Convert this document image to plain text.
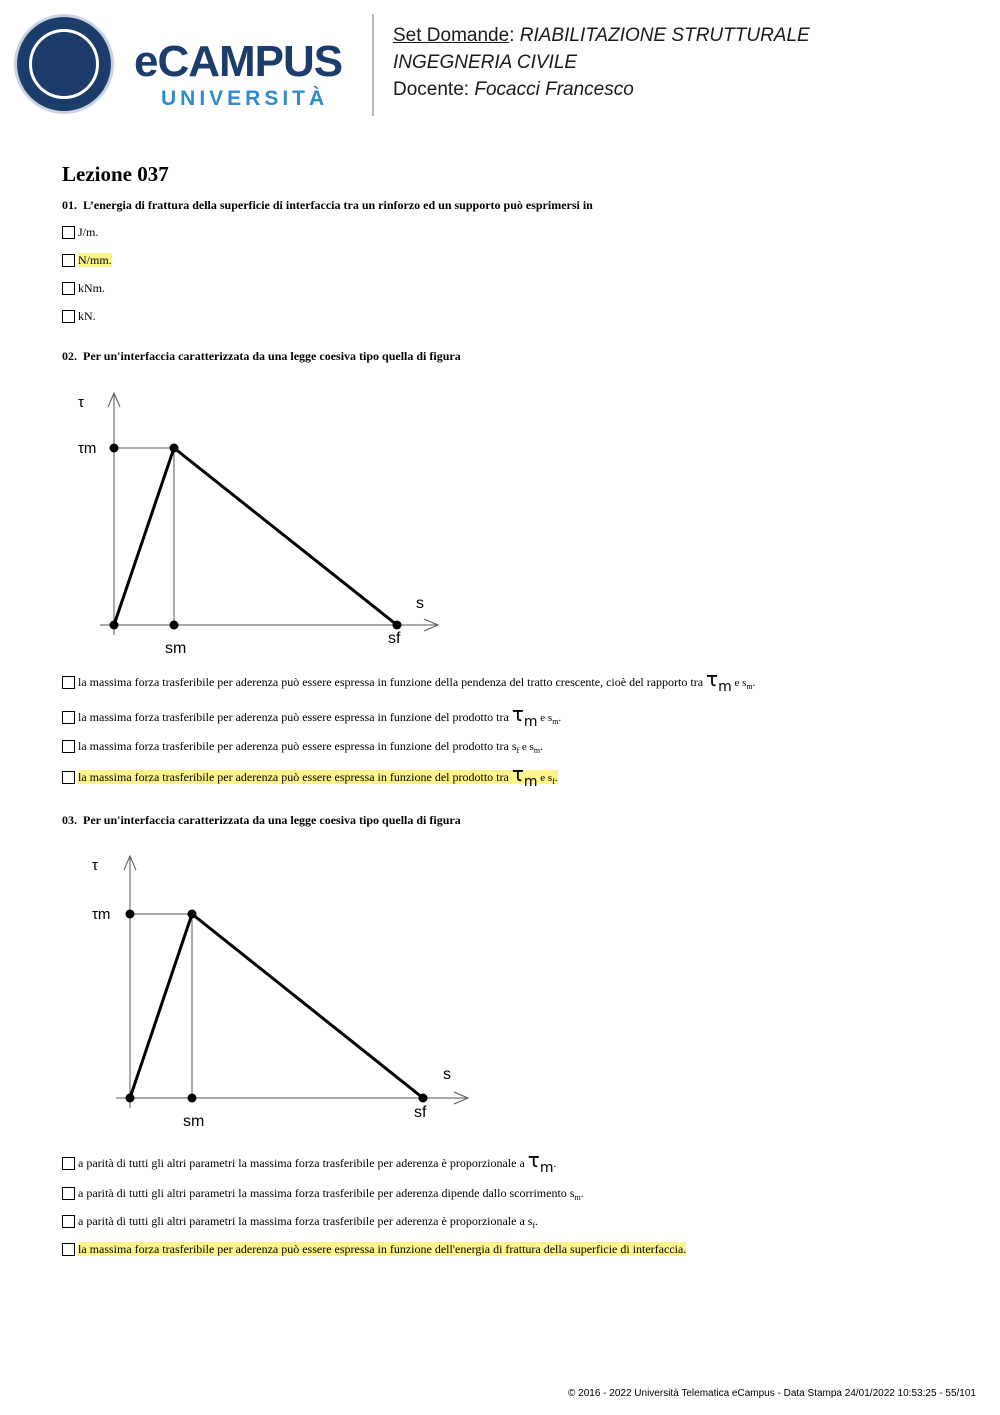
eCAMPUS
UNIVERSITÀ
Set Domande: RIABILITAZIONE STRUTTURALE
INGEGNERIA CIVILE
Docente: Focacci Francesco
Lezione 037
01. L’energia di frattura della superficie di interfaccia tra un rinforzo ed un supporto può esprimersi in
J/m.
N/mm.
kNm.
kN.
02. Per un'interfaccia caratterizzata da una legge coesiva tipo quella di figura
τ
τm
s
sm
sf
la massima forza trasferibile per aderenza può essere espressa in funzione della pendenza del tratto crescente, cioè del rapporto tra $\tau_m$ e $s_m$.
la massima forza trasferibile per aderenza può essere espressa in funzione del prodotto tra $\tau_m$ e $s_m$.
la massima forza trasferibile per aderenza può essere espressa in funzione del prodotto tra $s_f$ e $s_m$.
la massima forza trasferibile per aderenza può essere espressa in funzione del prodotto tra $\tau_m$ e $s_f$.
03. Per un'interfaccia caratterizzata da una legge coesiva tipo quella di figura
τ
τm
s
sm
sf
a parità di tutti gli altri parametri la massima forza trasferibile per aderenza è proporzionale a $\tau_m$.
a parità di tutti gli altri parametri la massima forza trasferibile per aderenza dipende dallo scorrimento $s_m$.
a parità di tutti gli altri parametri la massima forza trasferibile per aderenza è proporzionale a $s_f$.
la massima forza trasferibile per aderenza può essere espressa in funzione dell'energia di frattura della superficie di interfaccia.
© 2016 - 2022 Università Telematica eCampus - Data Stampa 24/01/2022 10:53:25 - 55/101
